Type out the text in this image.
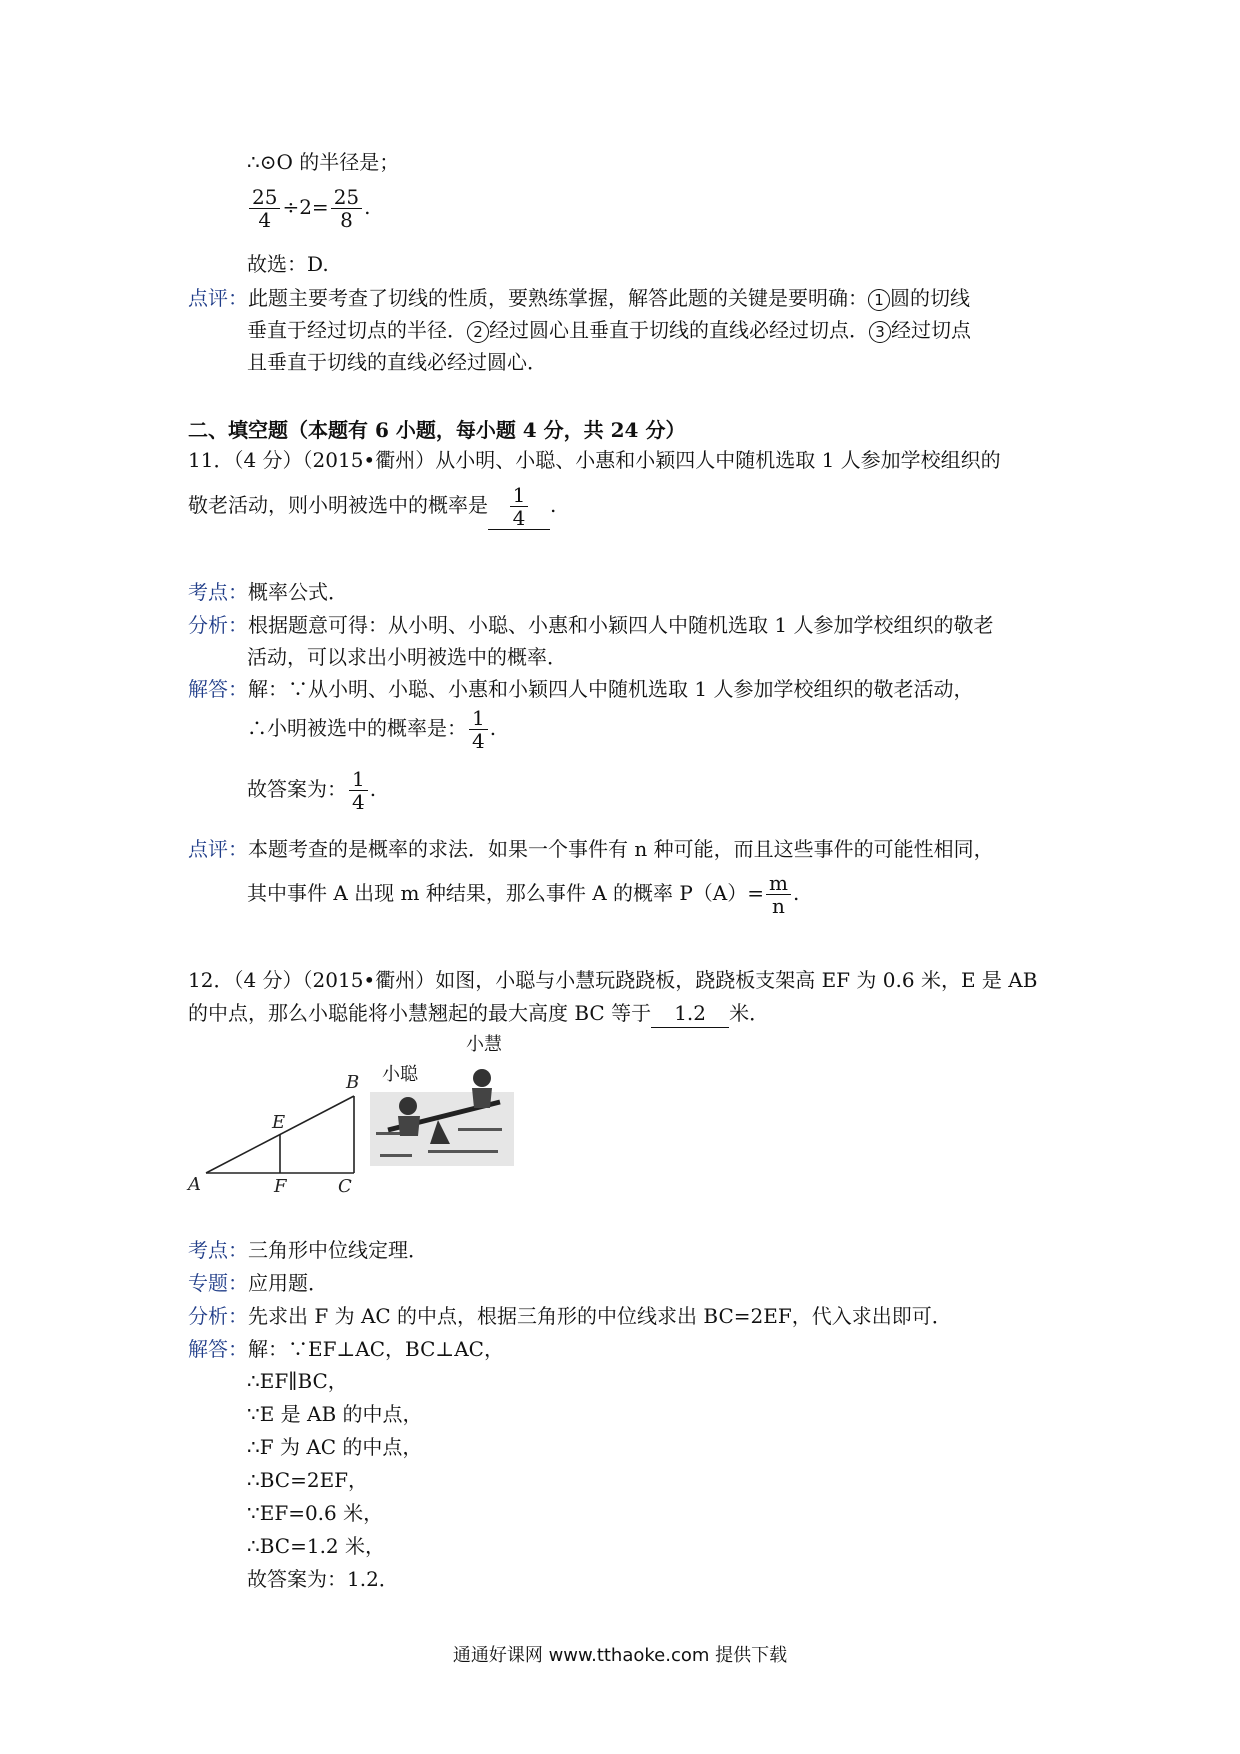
∴⊙O 的半径是；
$\frac{25}{4} \div 2= \frac{25}{8}$ .
故选：D.
点评：此题主要考查了切线的性质，要熟练掌握，解答此题的关键是要明确： 1 圆的切线
垂直于经过切点的半径． 2 经过圆心且垂直于切线的直线必经过切点． 3 经过切点
且垂直于切线的直线必经过圆心．
二、填空题（本题有 6 小题，每小题 4 分，共 24 分）
11．（4 分）（2015•衢州）从小明、小聪、小惠和小颖四人中随机选取 1 人参加学校组织的
敬老活动，则小明被选中的概率是 $\frac{1}{4}$ .
考点：概率公式．
分析：根据题意可得：从小明、小聪、小惠和小颖四人中随机选取 1 人参加学校组织的敬老
活动，可以求出小明被选中的概率．
解答：解：∵从小明、小聪、小惠和小颖四人中随机选取 1 人参加学校组织的敬老活动，
∴小明被选中的概率是： $\frac{1}{4}$ .
故答案为： $\frac{1}{4}$ .
点评：本题考查的是概率的求法．如果一个事件有 n 种可能，而且这些事件的可能性相同，
其中事件 A 出现 m 种结果，那么事件 A 的概率 $P(A)= \frac{m}{n}$ .
12．（4 分）（2015•衢州）如图，小聪与小慧玩跷跷板，跷跷板支架高 EF 为 0.6 米，E 是 AB
的中点，那么小聪能将小慧翘起的最大高度 BC 等于 1.2 米．
A
B
C
E
F
小聪
小慧
考点：三角形中位线定理．
专题：应用题．
分析：先求出 F 为 AC 的中点，根据三角形的中位线求出 BC=2EF，代入求出即可．
解答：解：∵EF⊥AC，BC⊥AC，
∴EF∥BC，
∵E 是 AB 的中点，
∴F 为 AC 的中点，
∴BC=2EF，
∵EF=0.6 米，
∴BC=1.2 米，
故答案为：1.2．
通通好课网 www.tthaoke.com 提供下载
